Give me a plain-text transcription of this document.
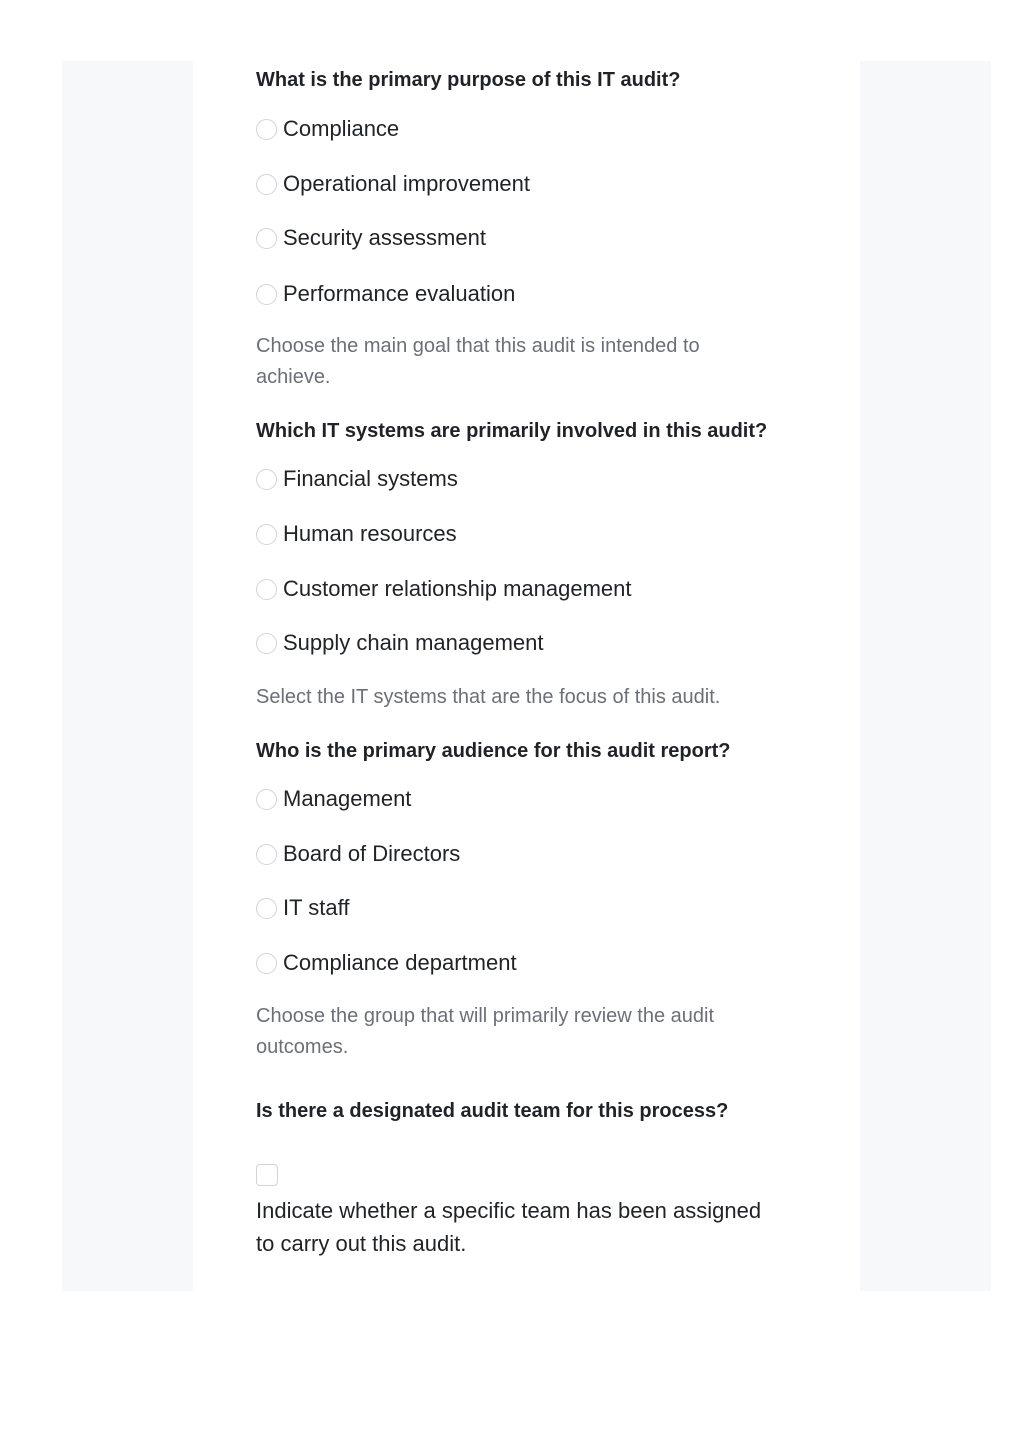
What is the primary purpose of this IT audit?
Compliance
Operational improvement
Security assessment
Performance evaluation
Choose the main goal that this audit is intended to achieve.
Which IT systems are primarily involved in this audit?
Financial systems
Human resources
Customer relationship management
Supply chain management
Select the IT systems that are the focus of this audit.
Who is the primary audience for this audit report?
Management
Board of Directors
IT staff
Compliance department
Choose the group that will primarily review the audit outcomes.
Is there a designated audit team for this process?
Indicate whether a specific team has been assigned to carry out this audit.
